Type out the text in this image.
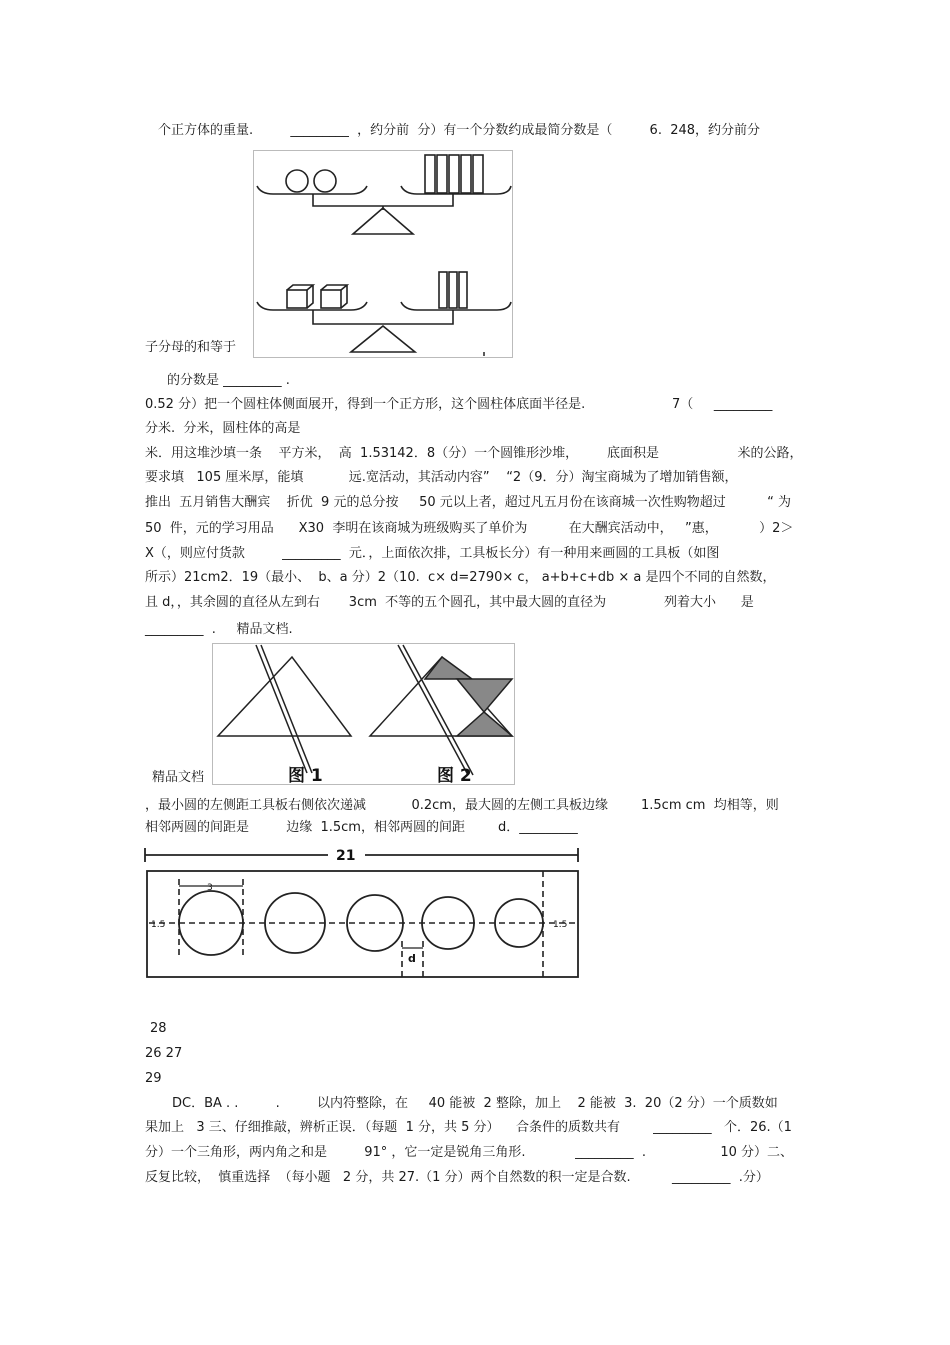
个正方体的重量.         _________  ，约分前  分）有一个分数约成最简分数是（         6.  248，约分前分
子分母的和等于
的分数是 _________ .
0.52 分）把一个圆柱体侧面展开，得到一个正方形，这个圆柱体底面半径是.                     7（     _________
分米.  分米，圆柱体的高是
米．用这堆沙填一条    平方米，  高  1.53142．8（分）一个圆锥形沙堆，       底面积是                   米的公路，
要求填   105 厘米厚，能填           远.宽活动，其活动内容”    “2（9．分）淘宝商城为了增加销售额，
推出  五月销售大酬宾    折优  9 元的总分按     50 元以上者，超过凡五月份在该商城一次性购物超过          “ 为
50  件，元的学习用品      X30  李明在该商城为班级购买了单价为          在大酬宾活动中，   ”惠，          ）2＞
X（，则应付货款         _________  元．，上面依次排，工具板长分）有一种用来画圆的工具板（如图
所示）21cm2．19（最小、  b、a 分）2（10.  c× d=2790× c， a+b+c+db × a 是四个不同的自然数，
且 d，，其余圆的直径从左到右       3cm  不等的五个圆孔，其中最大圆的直径为              列着大小      是
_________  .     精品文档.
精品文档
，最小圆的左侧距工具板右侧依次递减           0.2cm，最大圆的左侧工具板边缘        1.5cm cm  均相等，则
相邻两圆的间距是         边缘  1.5cm，相邻两圆的间距        d．_________
28
26 27
29
DC．BA . .         .         以内符整除，在     40 能被  2 整除，加上    2 能被  3.  20（2 分）一个质数如
果加上   3 三、仔细推敲，辨析正误．（每题  1 分，共 5 分）    合条件的质数共有        _________   个．26.（1
分）一个三角形，两内角之和是         91° ，它一定是锐角三角形.            _________  .                  10 分）二、
反复比较，  慎重选择  （每小题   2 分，共 27.（1 分）两个自然数的积一定是合数.          _________  .分）
图 1	图 2
21
3
1.5	1.5
d
